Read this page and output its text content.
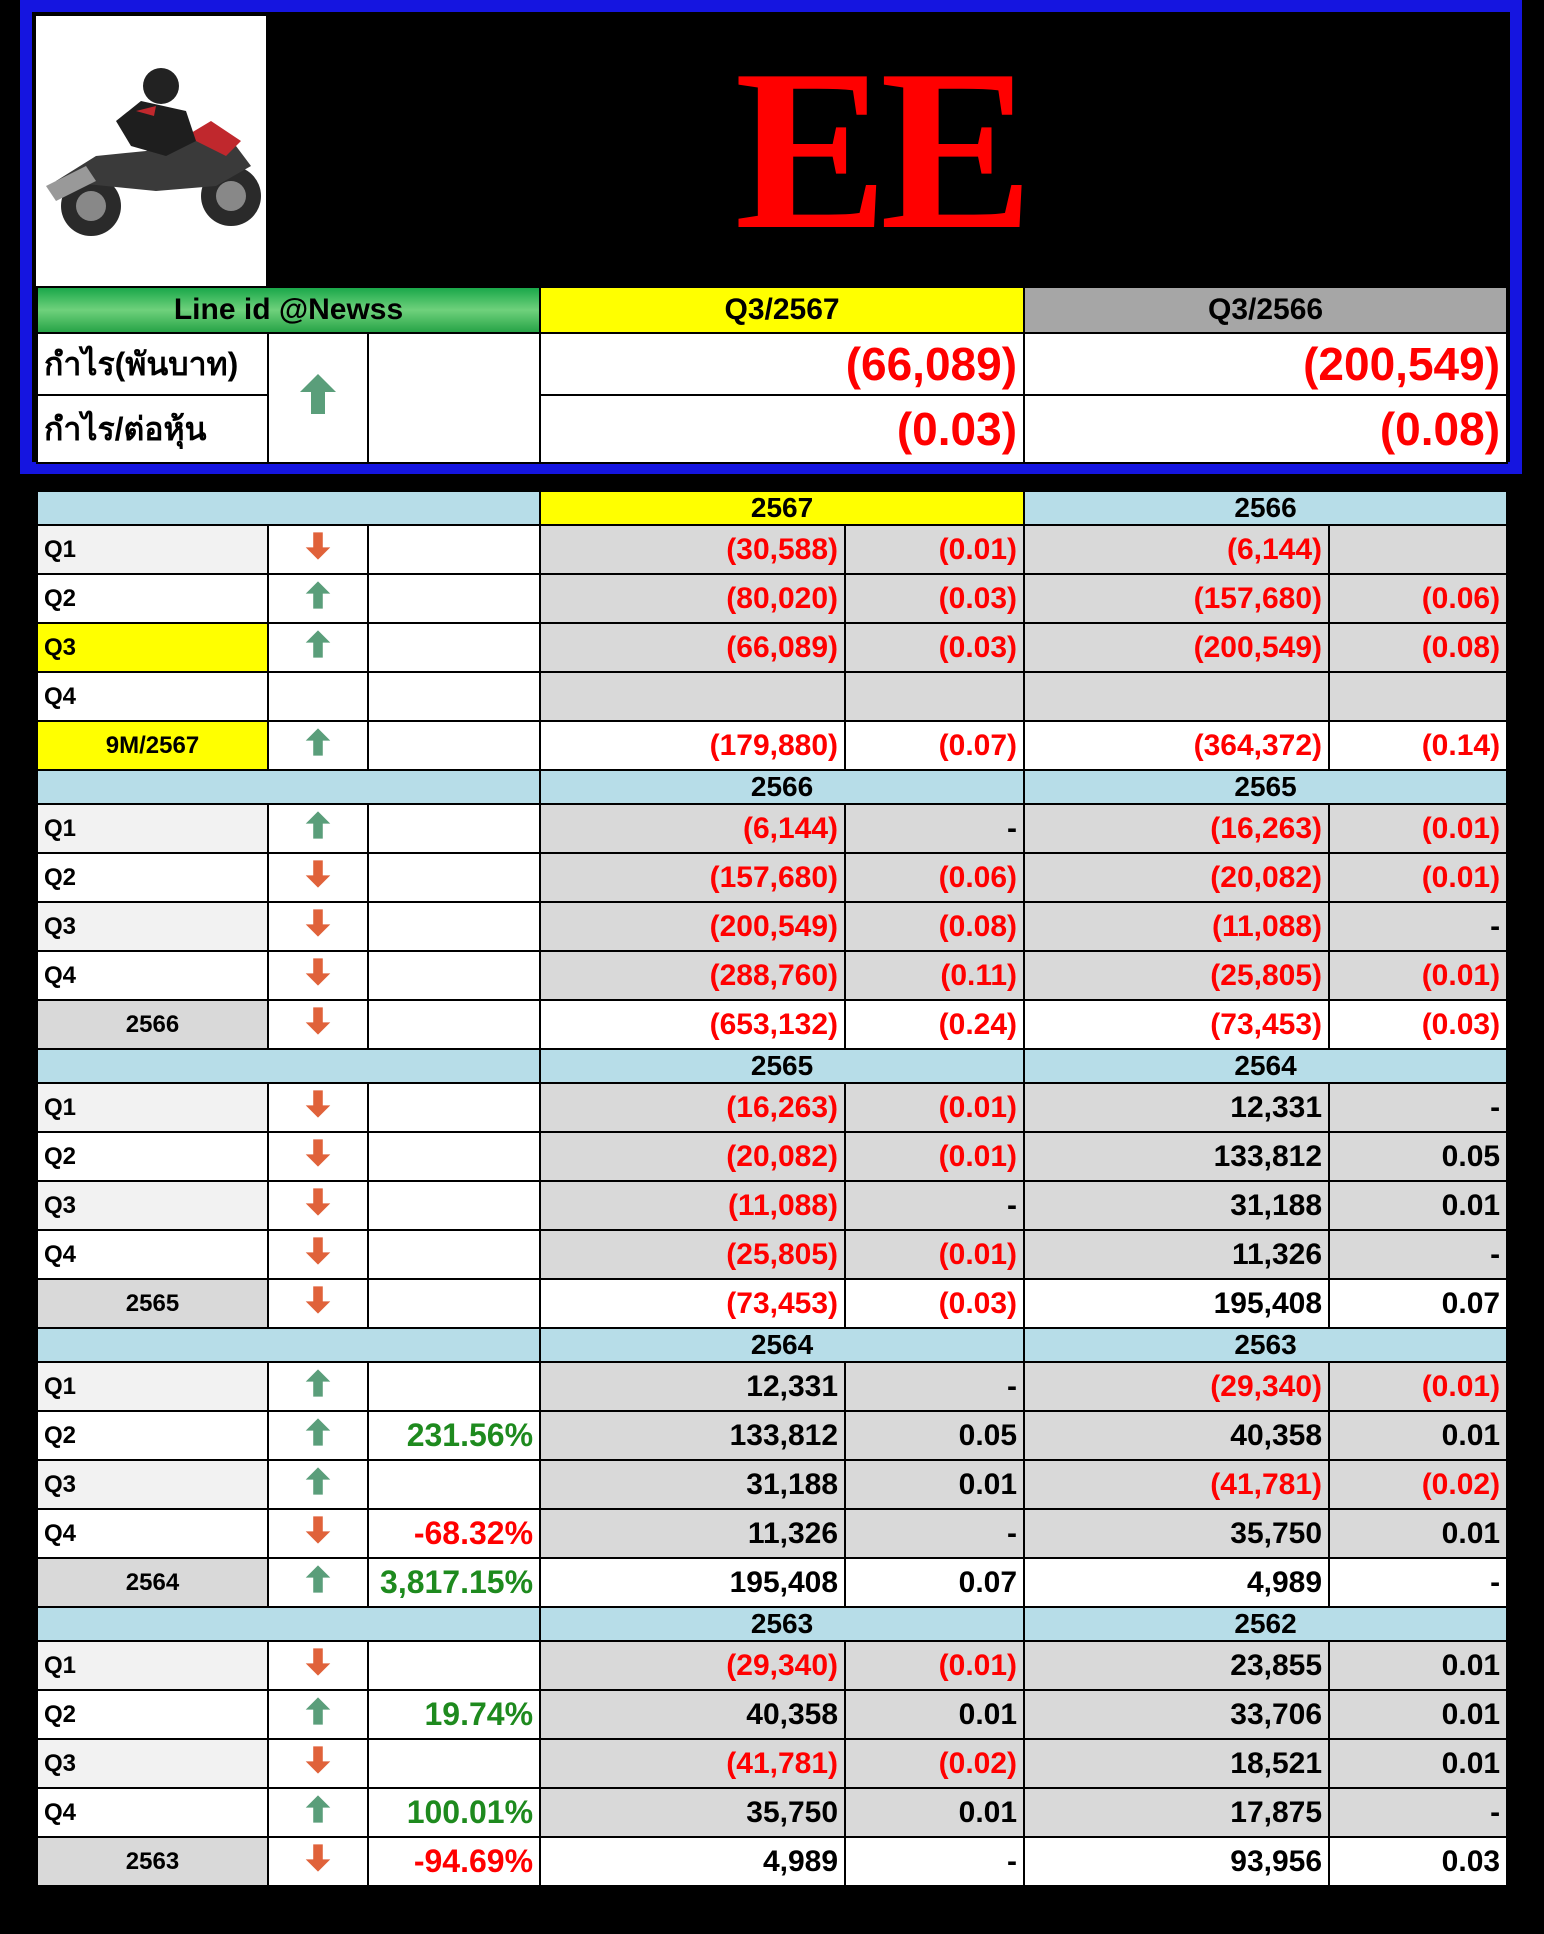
EE
Line id @Newss			Q3/2567	Q3/2566
กำไร(พันบาท)			(66,089)	(200,549)
กำไร/ต่อหุ้น			(0.03)	(0.08)
			2567		2566	
Q1			(30,588)	(0.01)	(6,144)	
Q2			(80,020)	(0.03)	(157,680)	(0.06)
Q3			(66,089)	(0.03)	(200,549)	(0.08)
Q4						
9M/2567			(179,880)	(0.07)	(364,372)	(0.14)
			2566		2565	
Q1			(6,144)	-	(16,263)	(0.01)
Q2			(157,680)	(0.06)	(20,082)	(0.01)
Q3			(200,549)	(0.08)	(11,088)	-
Q4			(288,760)	(0.11)	(25,805)	(0.01)
2566			(653,132)	(0.24)	(73,453)	(0.03)
			2565		2564	
Q1			(16,263)	(0.01)	12,331	-
Q2			(20,082)	(0.01)	133,812	0.05
Q3			(11,088)	-	31,188	0.01
Q4			(25,805)	(0.01)	11,326	-
2565			(73,453)	(0.03)	195,408	0.07
			2564		2563	
Q1			12,331	-	(29,340)	(0.01)
Q2		231.56%	133,812	0.05	40,358	0.01
Q3			31,188	0.01	(41,781)	(0.02)
Q4		-68.32%	11,326	-	35,750	0.01
2564		3,817.15%	195,408	0.07	4,989	-
			2563		2562	
Q1			(29,340)	(0.01)	23,855	0.01
Q2		19.74%	40,358	0.01	33,706	0.01
Q3			(41,781)	(0.02)	18,521	0.01
Q4		100.01%	35,750	0.01	17,875	-
2563		-94.69%	4,989	-	93,956	0.03
